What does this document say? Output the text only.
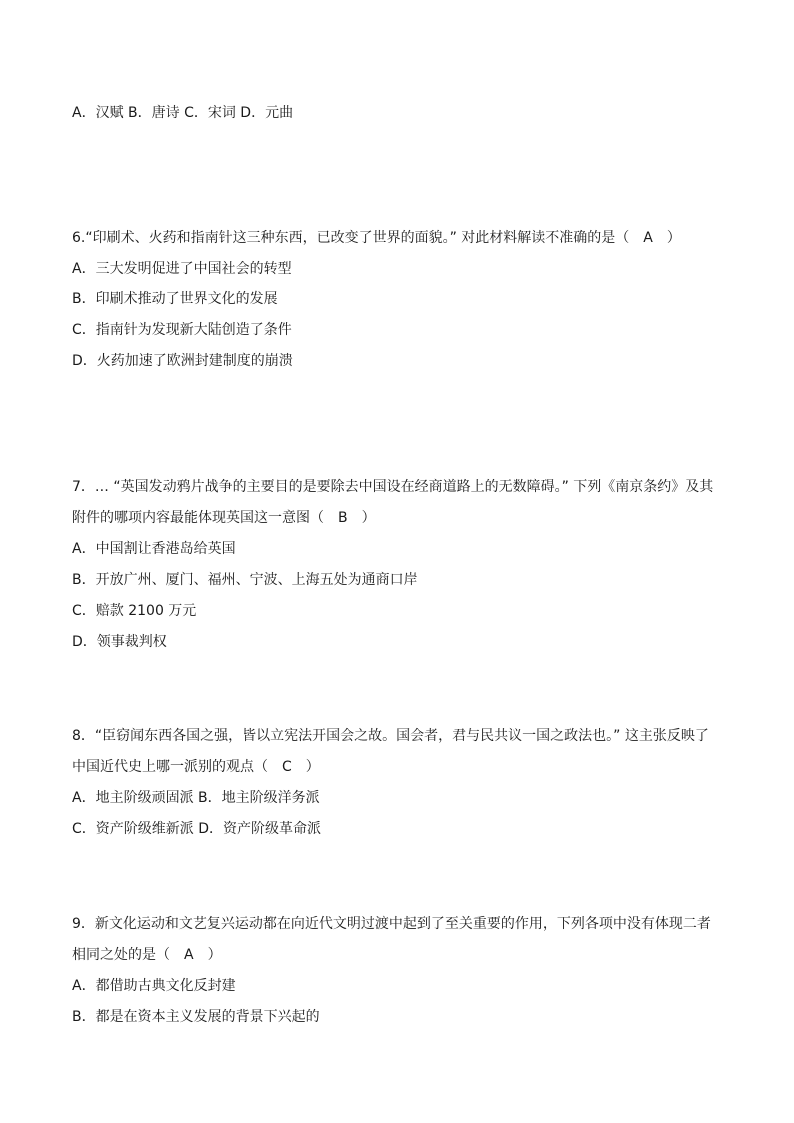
A．汉赋 B．唐诗 C．宋词 D．元曲

6.“印刷术、火药和指南针这三种东西，已改变了世界的面貌。” 对此材料解读不准确的是（　A　）

A．三大发明促进了中国社会的转型

B．印刷术推动了世界文化的发展

C．指南针为发现新大陆创造了条件

D．火药加速了欧洲封建制度的崩溃

7．… “英国发动鸦片战争的主要目的是要除去中国设在经商道路上的无数障碍。” 下列《南京条约》及其

附件的哪项内容最能体现英国这一意图（　B　）

A．中国割让香港岛给英国

B．开放广州、厦门、福州、宁波、上海五处为通商口岸

C．赔款 2100 万元

D．领事裁判权

8．“臣窃闻东西各国之强，皆以立宪法开国会之故。国会者，君与民共议一国之政法也。” 这主张反映了

中国近代史上哪一派别的观点（　C　）

A．地主阶级顽固派 B．地主阶级洋务派

C．资产阶级维新派 D．资产阶级革命派

9．新文化运动和文艺复兴运动都在向近代文明过渡中起到了至关重要的作用，下列各项中没有体现二者

相同之处的是（　A　）

A．都借助古典文化反封建

B．都是在资本主义发展的背景下兴起的
